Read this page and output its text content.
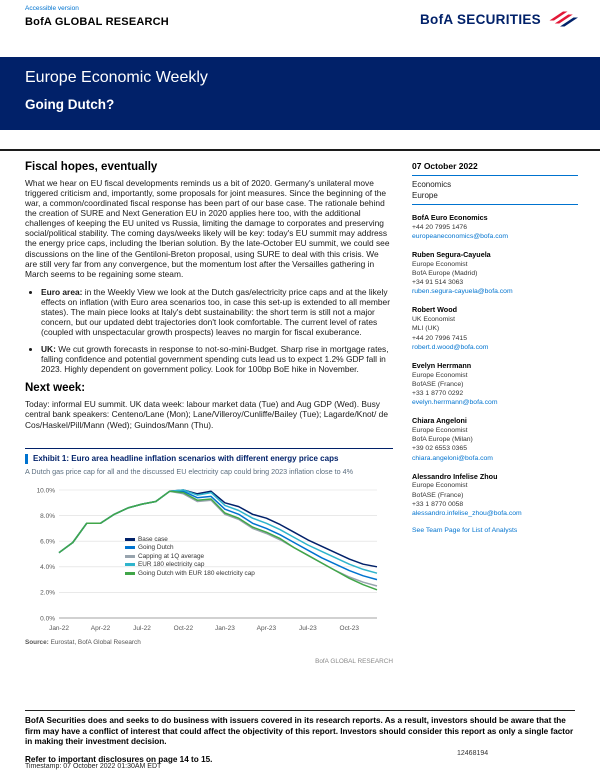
Accessible version
BofA GLOBAL RESEARCH	BofA SECURITIES
Europe Economic Weekly
Going Dutch?
Fiscal hopes, eventually

What we hear on EU fiscal developments reminds us a bit of 2020. Germany's unilateral move triggered criticism and, importantly, some proposals for joint measures. Since the beginning of the war, a common/coordinated fiscal response has been part of our base case. The rationale behind the creation of SURE and Next Generation EU in 2020 applies here too, with the additional challenges of keeping the EU united vs Russia, limiting the damage to corporates and preserving social/political stability. The coming days/weeks likely will be key: today's EU summit may address the energy price caps, including the Iberian solution. By the late-October EU summit, we could see discussions on the line of the Gentiloni-Breton proposal, using SURE to deal with this crisis. We are still very far from any convergence, but the momentum lost after the Versailles gathering in March seems to be regaining some steam.

• Euro area: in the Weekly View we look at the Dutch gas/electricity price caps and at the likely effects on inflation (with Euro area scenarios too, in case this set-up is extended to all member states). The main piece looks at Italy's debt sustainability: the short term is still not a major concern, but our updated debt trajectories don't look comfortable. The current level of rates (coupled with unspectacular growth prospects) leaves no margin for fiscal exuberance.
• UK: We cut growth forecasts in response to not-so-mini-Budget. Sharp rise in mortgage rates, falling confidence and potential government spending cuts lead us to expect 1.2% GDP fall in 2023. Highly dependent on government policy. Look for 100bp BoE hike in November.
Next week:

Today: informal EU summit. UK data week: labour market data (Tue) and Aug GDP (Wed). Busy central bank speakers: Centeno/Lane (Mon); Lane/Villeroy/Cunliffe/Bailey (Tue); Lagarde/Knot/ de Cos/Haskel/Pill/Mann (Wed); Guindos/Mann (Thu).

Exhibit 1: Euro area headline inflation scenarios with different energy price caps
A Dutch gas price cap for all and the discussed EU electricity cap could bring 2023 inflation close to 4%
0.0%
2.0%
4.0%
6.0%
8.0%
10.0%
Jan-22	Apr-22	Jul-22	Oct-22	Jan-23	Apr-23	Jul-23	Oct-23
Base case
Going Dutch
Capping at 1Q average
EUR 180 electricity cap
Going Dutch with EUR 180 electricity cap
Source: Eurostat, BofA Global Research
BofA GLOBAL RESEARCH
07 October 2022
Economics
Europe
BofA Euro Economics
+44 20 7995 1476
europeaneconomics@bofa.com
Ruben Segura-Cayuela
Europe Economist
BofA Europe (Madrid)
+34 91 514 3063
ruben.segura-cayuela@bofa.com
Robert Wood
UK Economist
MLI (UK)
+44 20 7996 7415
robert.d.wood@bofa.com
Evelyn Herrmann
Europe Economist
BofASE (France)
+33 1 8770 0292
evelyn.herrmann@bofa.com
Chiara Angeloni
Europe Economist
BofA Europe (Milan)
+39 02 6553 0365
chiara.angeloni@bofa.com
Alessandro Infelise Zhou
Europe Economist
BofASE (France)
+33 1 8770 0058
alessandro.infelise_zhou@bofa.com
See Team Page for List of Analysts
BofA Securities does and seeks to do business with issuers covered in its research reports. As a result, investors should be aware that the firm may have a conflict of interest that could affect the objectivity of this report. Investors should consider this report as only a single factor in making their investment decision.
Refer to important disclosures on page 14 to 15.
12468194
Timestamp: 07 October 2022 01:30AM EDT
